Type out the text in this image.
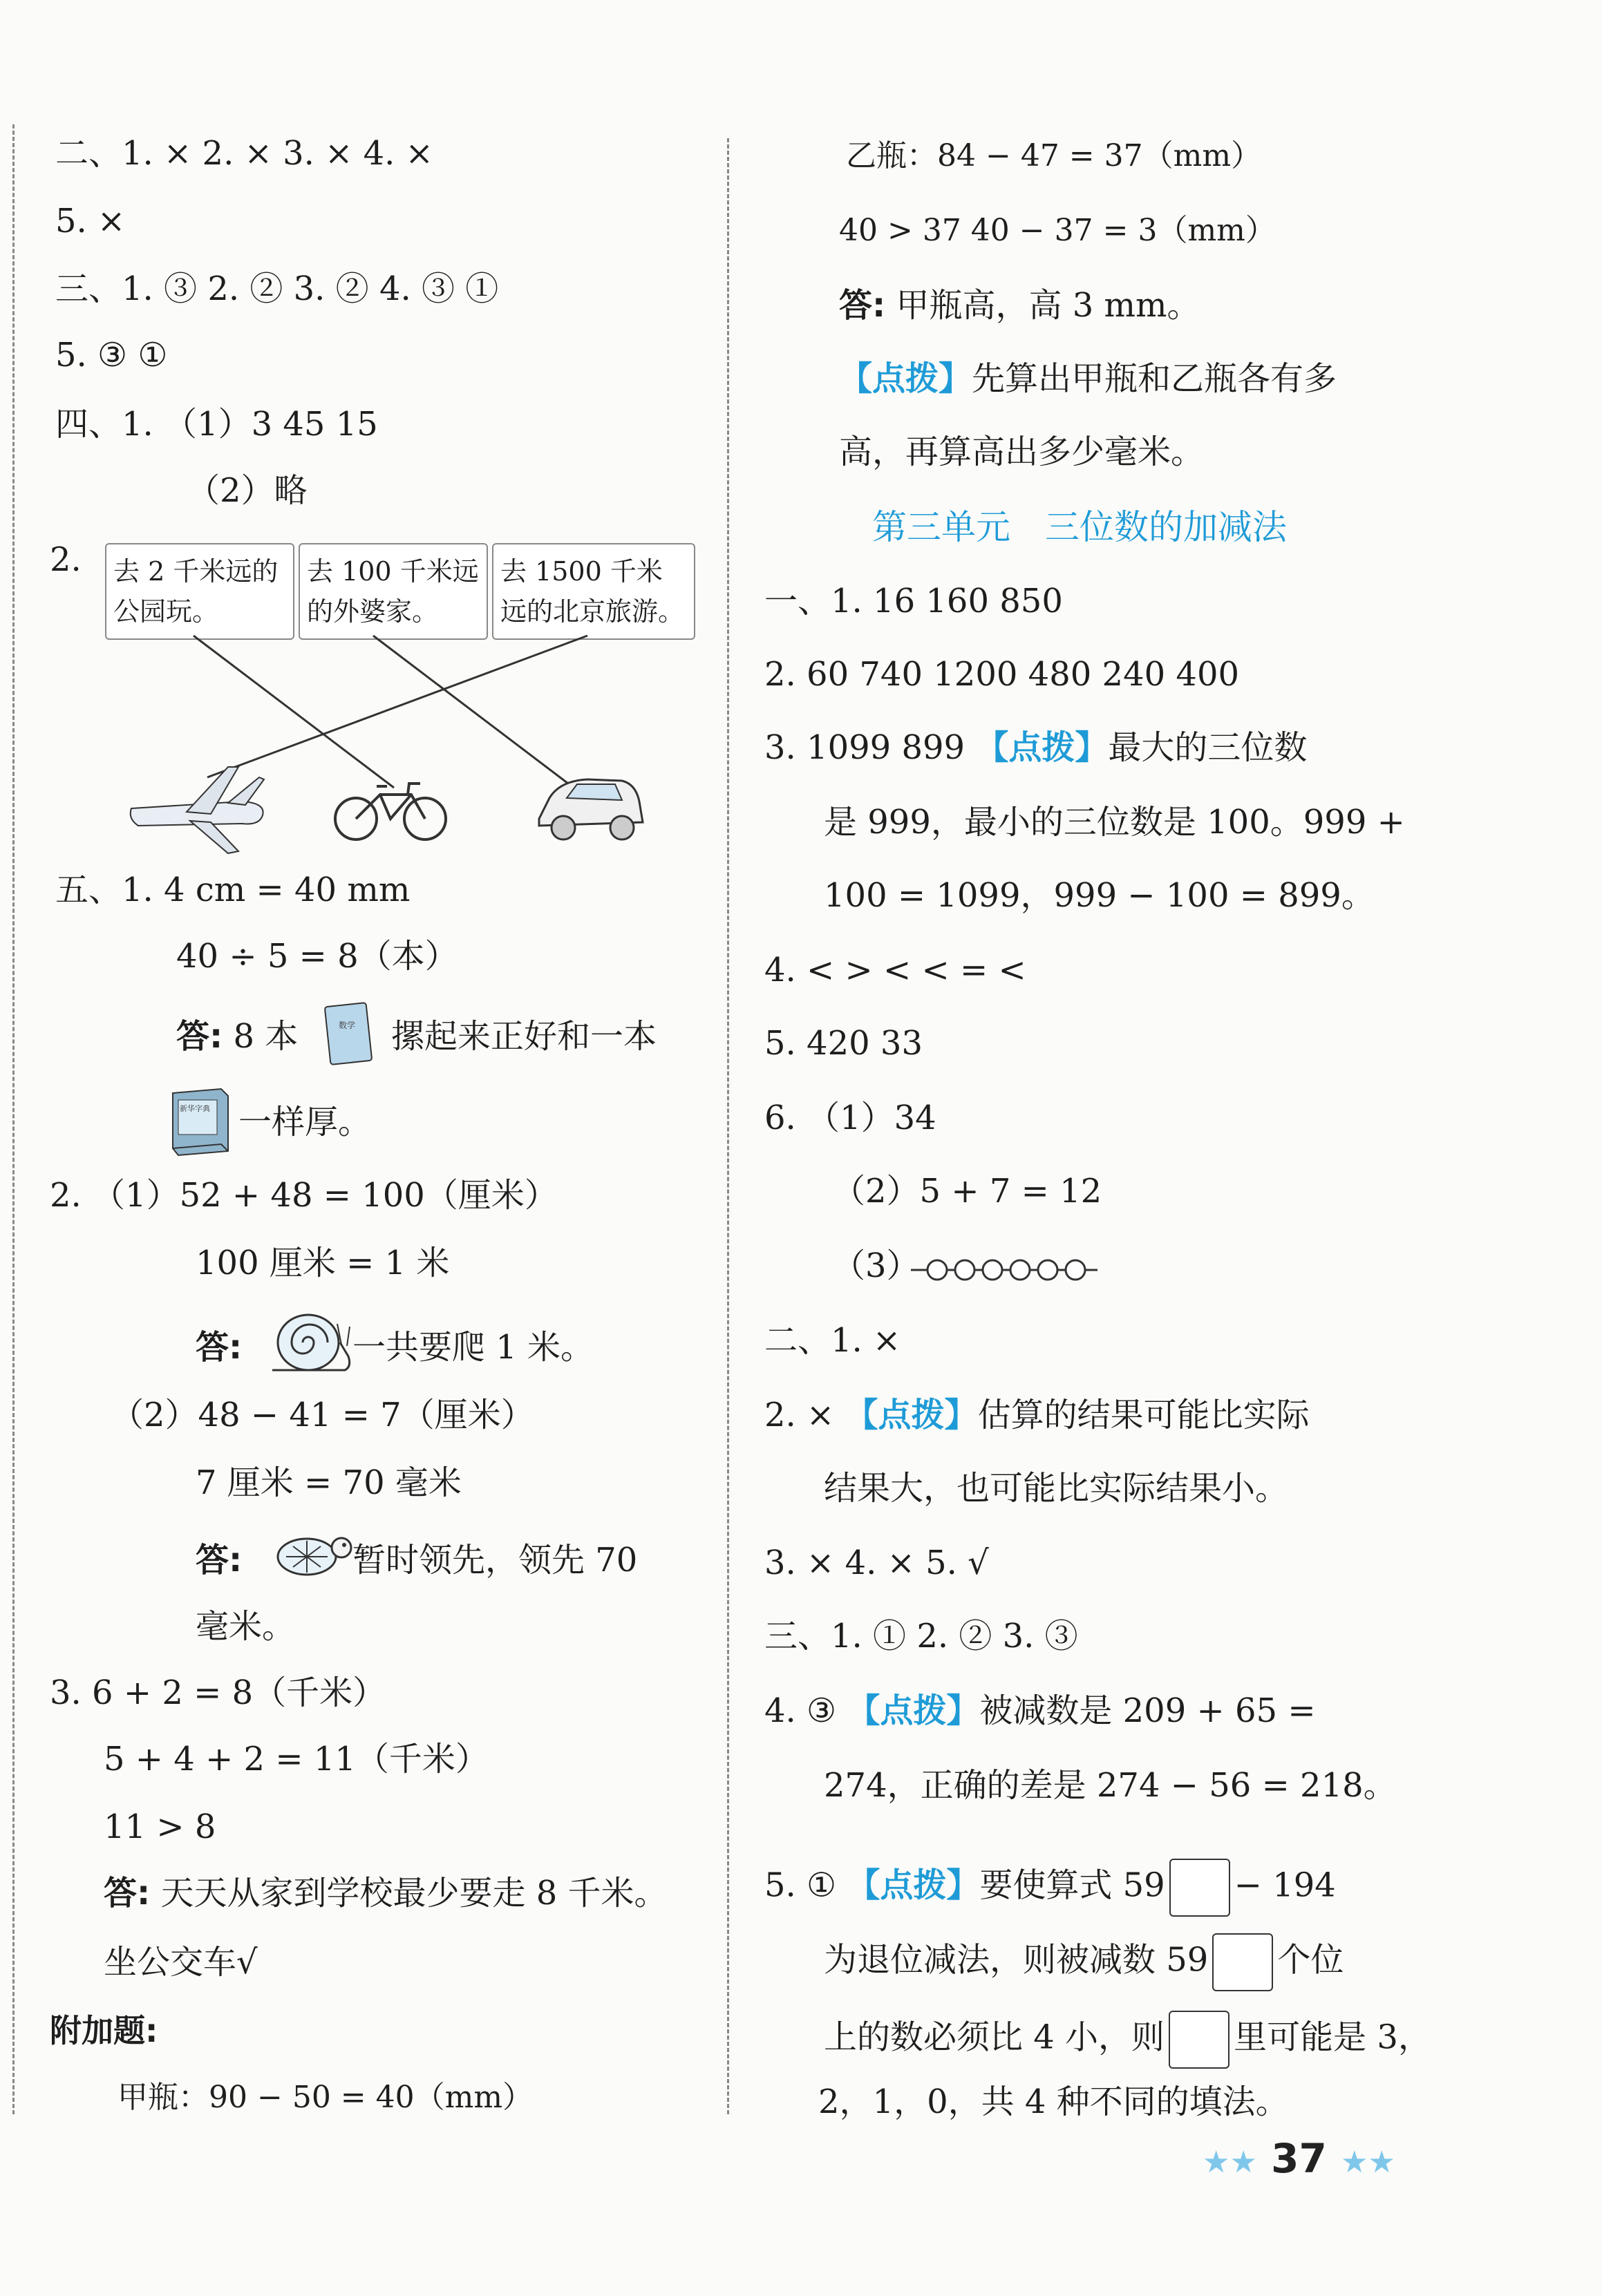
二、1. × 2. × 3. × 4. ×
5. ×
三、1. ③ 2. ② 3. ② 4. ③ ①
5. ③ ①
四、1. （1）3 45 15
（2）略
2.	去 2 千米远的公园玩。
去 100 千米远的外婆家。
去 1500 千米远的北京旅游。
五、1. 4 cm = 40 mm
40 ÷ 5 = 8（本）
答: 8 本	数学 摞起来正好和一本
新华字典 一样厚。
2. （1）52 + 48 = 100（厘米）
100 厘米 = 1 米
答:	一共要爬 1 米。
（2）48 − 41 = 7（厘米）
7 厘米 = 70 毫米
答:	暂时领先，领先 70
毫米。
3. 6 + 2 = 8（千米）
5 + 4 + 2 = 11（千米）
11 > 8
答: 天天从家到学校最少要走 8 千米。
坐公交车√
附加题:
甲瓶：90 − 50 = 40（mm）
乙瓶：84 − 47 = 37（mm）
40 > 37 40 − 37 = 3（mm）
答: 甲瓶高，高 3 mm。
【点拨】先算出甲瓶和乙瓶各有多
高，再算高出多少毫米。
第三单元　三位数的加减法
一、1. 16 160 850
2. 60 740 1200 480 240 400
3. 1099 899 【点拨】最大的三位数
是 999，最小的三位数是 100。999 +
100 = 1099，999 − 100 = 899。
4. < > < < = <
5. 420 33
6. （1）34
（2）5 + 7 = 12
（3）
二、1. ×
2. × 【点拨】估算的结果可能比实际
结果大，也可能比实际结果小。
3. × 4. × 5. √
三、1. ① 2. ② 3. ③
4. ③ 【点拨】被减数是 209 + 65 =
274，正确的差是 274 − 56 = 218。
5. ① 【点拨】要使算式 59 − 194
为退位减法，则被减数 59 个位
上的数必须比 4 小，则 里可能是 3，
2，1，0，共 4 种不同的填法。
★★ 37 ★★
